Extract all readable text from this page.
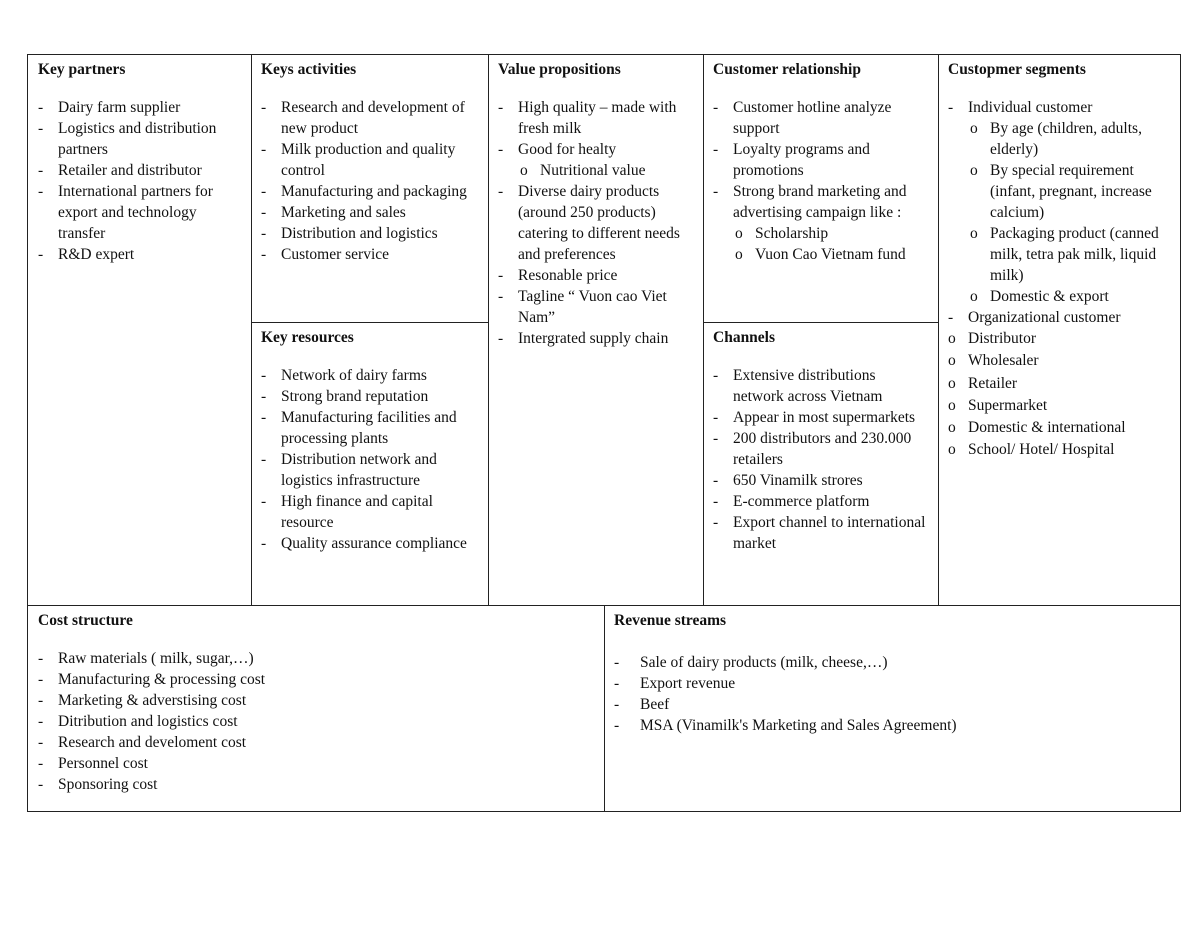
Key partners
- Dairy farm supplier
- Logistics and distribution partners
- Retailer and distributor
- International partners for export and technology transfer
- R&D expert
Keys activities
- Research and development of new product
- Milk production and quality control
- Manufacturing and packaging
- Marketing and sales
- Distribution and logistics
- Customer service
Key resources
- Network of dairy farms
- Strong brand reputation
- Manufacturing facilities and processing plants
- Distribution network and logistics infrastructure
- High finance and capital resource
- Quality assurance compliance
Value propositions
- High quality – made with fresh milk
- Good for healty
o Nutritional value
- Diverse dairy products (around 250 products) catering to different needs and preferences
- Resonable price
- Tagline “ Vuon cao Viet Nam”
- Intergrated supply chain
Customer relationship
- Customer hotline analyze support
- Loyalty programs and promotions
- Strong brand marketing and advertising campaign like :
o Scholarship
o Vuon Cao Vietnam fund
Channels
- Extensive distributions network across Vietnam
- Appear in most supermarkets
- 200 distributors and 230.000 retailers
- 650 Vinamilk strores
- E-commerce platform
- Export channel to international market
Custopmer segments
- Individual customer
o By age (children, adults, elderly)
o By special requirement (infant, pregnant, increase calcium)
o Packaging product (canned milk, tetra pak milk, liquid milk)
o Domestic & export
- Organizational customer
o Distributor
o Wholesaler
o Retailer
o Supermarket
o Domestic & international
o School/ Hotel/ Hospital
Cost structure
- Raw materials ( milk, sugar,…)
- Manufacturing & processing cost
- Marketing & adverstising cost
- Ditribution and logistics cost
- Research and develoment cost
- Personnel cost
- Sponsoring cost
Revenue streams
- Sale of dairy products (milk, cheese,…)
- Export revenue
- Beef
- MSA (Vinamilk's Marketing and Sales Agreement)
